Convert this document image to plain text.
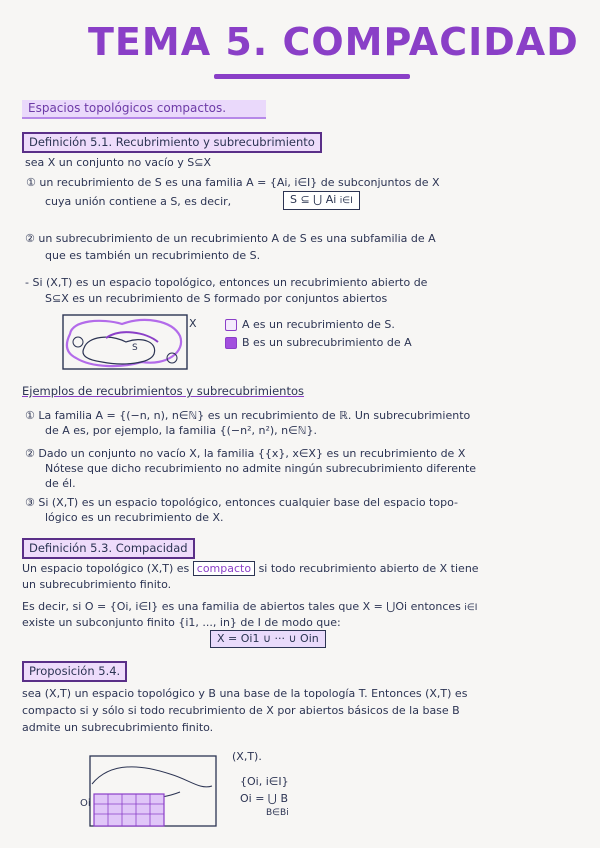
TEMA 5. COMPACIDAD
Espacios topológicos compactos.
Definición 5.1. Recubrimiento y subrecubrimiento
sea X un conjunto no vacío y S⊆X
① un recubrimiento de S es una familia A = {Ai, i∈I} de subconjuntos de X
cuya unión contiene a S, es decir,	S ⊆ ⋃ Ai i∈I
② un subrecubrimiento de un recubrimiento A de S es una subfamilia de A
que es también un recubrimiento de S.
- Si (X,T) es un espacio topológico, entonces un recubrimiento abierto de
S⊆X es un recubrimiento de S formado por conjuntos abiertos
S
X	A es un recubrimiento de S.
B es un subrecubrimiento de A
Ejemplos de recubrimientos y subrecubrimientos
① La familia A = {(−n, n), n∈ℕ} es un recubrimiento de ℝ. Un subrecubrimiento
de A es, por ejemplo, la familia {(−n², n²), n∈ℕ}.
② Dado un conjunto no vacío X, la familia {{x}, x∈X} es un recubrimiento de X
Nótese que dicho recubrimiento no admite ningún subrecubrimiento diferente
de él.
③ Si (X,T) es un espacio topológico, entonces cualquier base del espacio topo-
lógico es un recubrimiento de X.
Definición 5.3. Compacidad
Un espacio topológico (X,T) es compacto si todo recubrimiento abierto de X tiene
un subrecubrimiento finito.
Es decir, si O = {Oi, i∈I} es una familia de abiertos tales que X = ⋃Oi entonces i∈I
existe un subconjunto finito {i1, ..., in} de I de modo que:
X = Oi1 ∪ ··· ∪ Oin
Proposición 5.4.
sea (X,T) un espacio topológico y B una base de la topología T. Entonces (X,T) es
compacto si y sólo si todo recubrimiento de X por abiertos básicos de la base B
admite un subrecubrimiento finito.
Oi
(X,T).
{Oi, i∈I}
Oi = ⋃ B
B∈Bi
